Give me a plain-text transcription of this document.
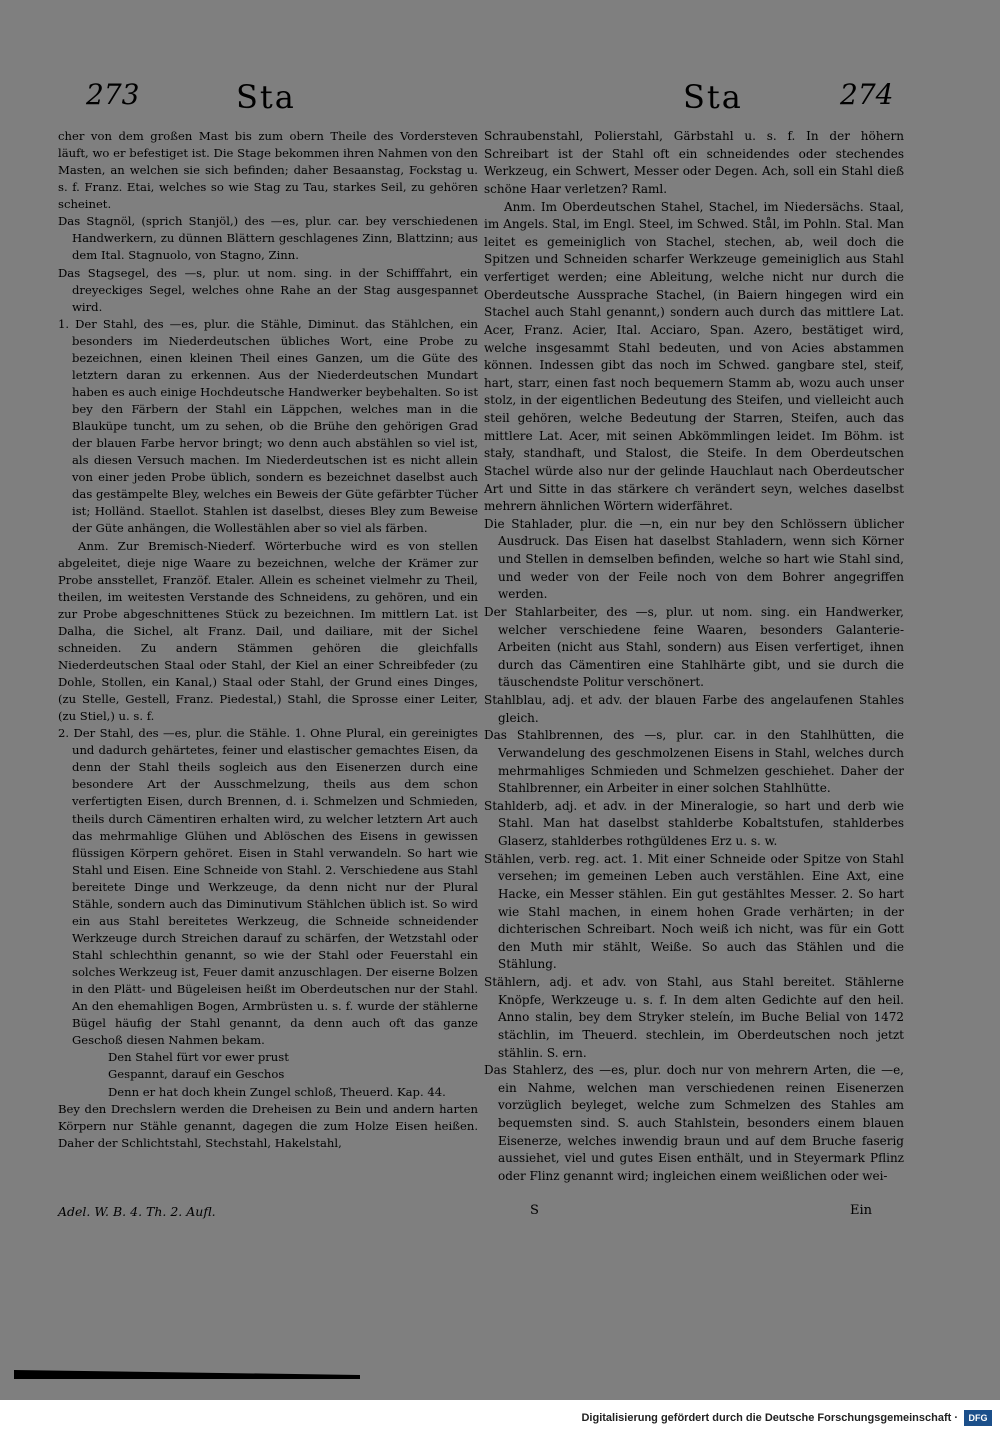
273	Sta	Sta	274

cher von dem großen Mast bis zum obern Theile des Vordersteven läuft, wo er befestiget ist. Die Stage bekommen ihren Nahmen von den Masten, an welchen sie sich befinden; daher Besaanstag, Fockstag u. s. f. Franz. Etai, welches so wie Stag zu Tau, starkes Seil, zu gehören scheinet.

Das Stagnöl, (sprich Stanjöl,) des —es, plur. car. bey verschiedenen Handwerkern, zu dünnen Blättern geschlagenes Zinn, Blattzinn; aus dem Ital. Stagnuolo, von Stagno, Zinn.

Das Stagsegel, des —s, plur. ut nom. sing. in der Schifffahrt, ein dreyeckiges Segel, welches ohne Rahe an der Stag ausgespannet wird.

1. Der Stahl, des —es, plur. die Stähle, Diminut. das Stählchen, ein besonders im Niederdeutschen übliches Wort, eine Probe zu bezeichnen, einen kleinen Theil eines Ganzen, um die Güte des letztern daran zu erkennen. Aus der Niederdeutschen Mundart haben es auch einige Hochdeutsche Handwerker beybehalten. So ist bey den Färbern der Stahl ein Läppchen, welches man in die Blauküpe tuncht, um zu sehen, ob die Brühe den gehörigen Grad der blauen Farbe hervor bringt; wo denn auch abstählen so viel ist, als diesen Versuch machen. Im Niederdeutschen ist es nicht allein von einer jeden Probe üblich, sondern es bezeichnet daselbst auch das gestämpelte Bley, welches ein Beweis der Güte gefärbter Tücher ist; Holländ. Staellot. Stahlen ist daselbst, dieses Bley zum Beweise der Güte anhängen, die Wollestählen aber so viel als färben.

Anm. Zur Bremisch-Niederf. Wörterbuche wird es von stellen abgeleitet, dieje nige Waare zu bezeichnen, welche der Krämer zur Probe ansstellet, Franzöf. Etaler. Allein es scheinet vielmehr zu Theil, theilen, im weitesten Verstande des Schneidens, zu gehören, und ein zur Probe abgeschnittenes Stück zu bezeichnen. Im mittlern Lat. ist Dalha, die Sichel, alt Franz. Dail, und dailiare, mit der Sichel schneiden. Zu andern Stämmen gehören die gleichfalls Niederdeutschen Staal oder Stahl, der Kiel an einer Schreibfeder (zu Dohle, Stollen, ein Kanal,) Staal oder Stahl, der Grund eines Dinges, (zu Stelle, Gestell, Franz. Piedestal,) Stahl, die Sprosse einer Leiter, (zu Stiel,) u. s. f.

2. Der Stahl, des —es, plur. die Stähle. 1. Ohne Plural, ein gereinigtes und dadurch gehärtetes, feiner und elastischer gemachtes Eisen, da denn der Stahl theils sogleich aus den Eisenerzen durch eine besondere Art der Ausschmelzung, theils aus dem schon verfertigten Eisen, durch Brennen, d. i. Schmelzen und Schmieden, theils durch Cämentiren erhalten wird, zu welcher letztern Art auch das mehrmahlige Glühen und Ablöschen des Eisens in gewissen flüssigen Körpern gehöret. Eisen in Stahl verwandeln. So hart wie Stahl und Eisen. Eine Schneide von Stahl. 2. Verschiedene aus Stahl bereitete Dinge und Werkzeuge, da denn nicht nur der Plural Stähle, sondern auch das Diminutivum Stählchen üblich ist. So wird ein aus Stahl bereitetes Werkzeug, die Schneide schneidender Werkzeuge durch Streichen darauf zu schärfen, der Wetzstahl oder Stahl schlechthin genannt, so wie der Stahl oder Feuerstahl ein solches Werkzeug ist, Feuer damit anzuschlagen. Der eiserne Bolzen in den Plätt- und Bügeleisen heißt im Oberdeutschen nur der Stahl. An den ehemahligen Bogen, Armbrüsten u. s. f. wurde der stählerne Bügel häufig der Stahl genannt, da denn auch oft das ganze Geschoß diesen Nahmen bekam.

Den Stahel fürt vor ewer prust

Gespannt, darauf ein Geschos

Denn er hat doch khein Zungel schloß, Theuerd. Kap. 44.

Bey den Drechslern werden die Dreheisen zu Bein und andern harten Körpern nur Stähle genannt, dagegen die zum Holze Eisen heißen. Daher der Schlichtstahl, Stechstahl, Hakelstahl,

Schraubenstahl, Polierstahl, Gärbstahl u. s. f. In der höhern Schreibart ist der Stahl oft ein schneidendes oder stechendes Werkzeug, ein Schwert, Messer oder Degen. Ach, soll ein Stahl dieß schöne Haar verletzen? Raml.

Anm. Im Oberdeutschen Stahel, Stachel, im Niedersächs. Staal, im Angels. Stal, im Engl. Steel, im Schwed. Stål, im Pohln. Stal. Man leitet es gemeiniglich von Stachel, stechen, ab, weil doch die Spitzen und Schneiden scharfer Werkzeuge gemeiniglich aus Stahl verfertiget werden; eine Ableitung, welche nicht nur durch die Oberdeutsche Aussprache Stachel, (in Baiern hingegen wird ein Stachel auch Stahl genannt,) sondern auch durch das mittlere Lat. Acer, Franz. Acier, Ital. Acciaro, Span. Azero, bestätiget wird, welche insgesammt Stahl bedeuten, und von Acies abstammen können. Indessen gibt das noch im Schwed. gangbare stel, steif, hart, starr, einen fast noch bequemern Stamm ab, wozu auch unser stolz, in der eigentlichen Bedeutung des Steifen, und vielleicht auch steil gehören, welche Bedeutung der Starren, Steifen, auch das mittlere Lat. Acer, mit seinen Abkömmlingen leidet. Im Böhm. ist stały, standhaft, und Stalost, die Steife. In dem Oberdeutschen Stachel würde also nur der gelinde Hauchlaut nach Oberdeutscher Art und Sitte in das stärkere ch verändert seyn, welches daselbst mehrern ähnlichen Wörtern widerfähret.

Die Stahlader, plur. die —n, ein nur bey den Schlössern üblicher Ausdruck. Das Eisen hat daselbst Stahladern, wenn sich Körner und Stellen in demselben befinden, welche so hart wie Stahl sind, und weder von der Feile noch von dem Bohrer angegriffen werden.

Der Stahlarbeiter, des —s, plur. ut nom. sing. ein Handwerker, welcher verschiedene feine Waaren, besonders Galanterie-Arbeiten (nicht aus Stahl, sondern) aus Eisen verfertiget, ihnen durch das Cämentiren eine Stahlhärte gibt, und sie durch die täuschendste Politur verschönert.

Stahlblau, adj. et adv. der blauen Farbe des angelaufenen Stahles gleich.

Das Stahlbrennen, des —s, plur. car. in den Stahlhütten, die Verwandelung des geschmolzenen Eisens in Stahl, welches durch mehrmahliges Schmieden und Schmelzen geschiehet. Daher der Stahlbrenner, ein Arbeiter in einer solchen Stahlhütte.

Stahlderb, adj. et adv. in der Mineralogie, so hart und derb wie Stahl. Man hat daselbst stahlderbe Kobaltstufen, stahlderbes Glaserz, stahlderbes rothgüldenes Erz u. s. w.

Stählen, verb. reg. act. 1. Mit einer Schneide oder Spitze von Stahl versehen; im gemeinen Leben auch verstählen. Eine Axt, eine Hacke, ein Messer stählen. Ein gut gestähltes Messer. 2. So hart wie Stahl machen, in einem hohen Grade verhärten; in der dichterischen Schreibart. Noch weiß ich nicht, was für ein Gott den Muth mir stählt, Weiße. So auch das Stählen und die Stählung.

Stählern, adj. et adv. von Stahl, aus Stahl bereitet. Stählerne Knöpfe, Werkzeuge u. s. f. In dem alten Gedichte auf den heil. Anno stalin, bey dem Stryker steleín, im Buche Belial von 1472 stächlin, im Theuerd. stechlein, im Oberdeutschen noch jetzt stählin. S. ern.

Das Stahlerz, des —es, plur. doch nur von mehrern Arten, die —e, ein Nahme, welchen man verschiedenen reinen Eisenerzen vorzüglich beyleget, welche zum Schmelzen des Stahles am bequemsten sind. S. auch Stahlstein, besonders einem blauen Eisenerze, welches inwendig braun und auf dem Bruche faserig aussiehet, viel und gutes Eisen enthält, und in Steyermark Pflinz oder Flinz genannt wird; ingleichen einem weißlichen oder wei-

Adel. W. B. 4. Th. 2. Aufl.	S	Ein
Digitalisierung gefördert durch die Deutsche Forschungsgemeinschaft ·	DFG
